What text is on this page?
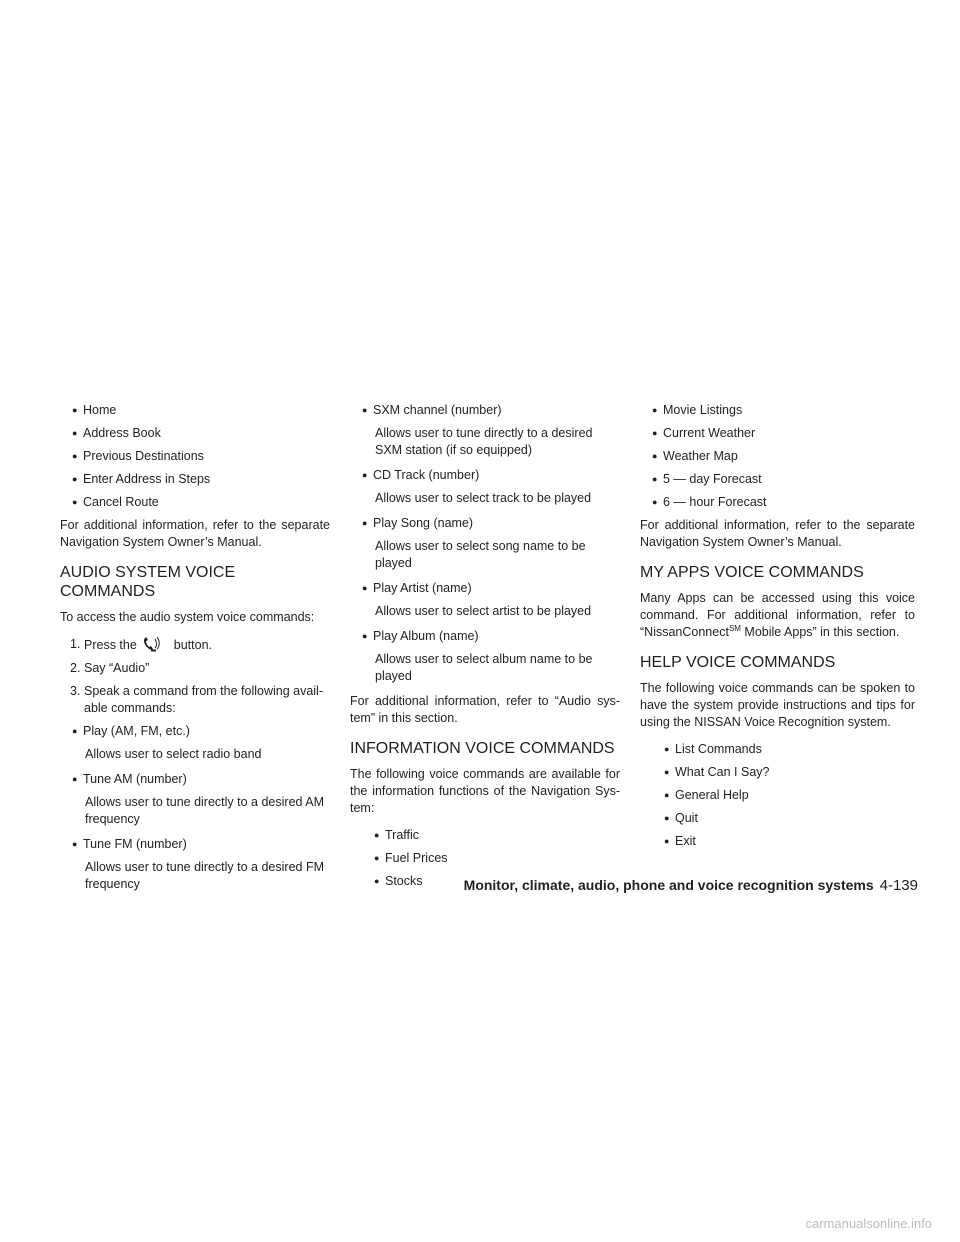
● Home
● Address Book
● Previous Destinations
● Enter Address in Steps
● Cancel Route
For additional information, refer to the separate Navigation System Owner’s Manual.
AUDIO SYSTEM VOICE
COMMANDS
To access the audio system voice commands:
1. Press the	button.
2. Say “Audio”
3. Speak a command from the following avail- able commands:
● Play (AM, FM, etc.)
Allows user to select radio band
● Tune AM (number)
Allows user to tune directly to a desired AM frequency
● Tune FM (number)
Allows user to tune directly to a desired FM frequency
● SXM channel (number)
Allows user to tune directly to a desired SXM station (if so equipped)
● CD Track (number)
Allows user to select track to be played
● Play Song (name)
Allows user to select song name to be played
● Play Artist (name)
Allows user to select artist to be played
● Play Album (name)
Allows user to select album name to be played
For additional information, refer to “Audio sys- tem” in this section.
INFORMATION VOICE COMMANDS
The following voice commands are available for the information functions of the Navigation Sys- tem:
● Traffic
● Fuel Prices
● Stocks
● Movie Listings
● Current Weather
● Weather Map
● 5 — day Forecast
● 6 — hour Forecast
For additional information, refer to the separate Navigation System Owner’s Manual.
MY APPS VOICE COMMANDS
Many Apps can be accessed using this voice command. For additional information, refer to “NissanConnect℠ Mobile Apps” in this section.
HELP VOICE COMMANDS
The following voice commands can be spoken to have the system provide instructions and tips for using the NISSAN Voice Recognition system.
● List Commands
● What Can I Say?
● General Help
● Quit
● Exit
Monitor, climate, audio, phone and voice recognition systems 4-139
carmanualsonline.info
